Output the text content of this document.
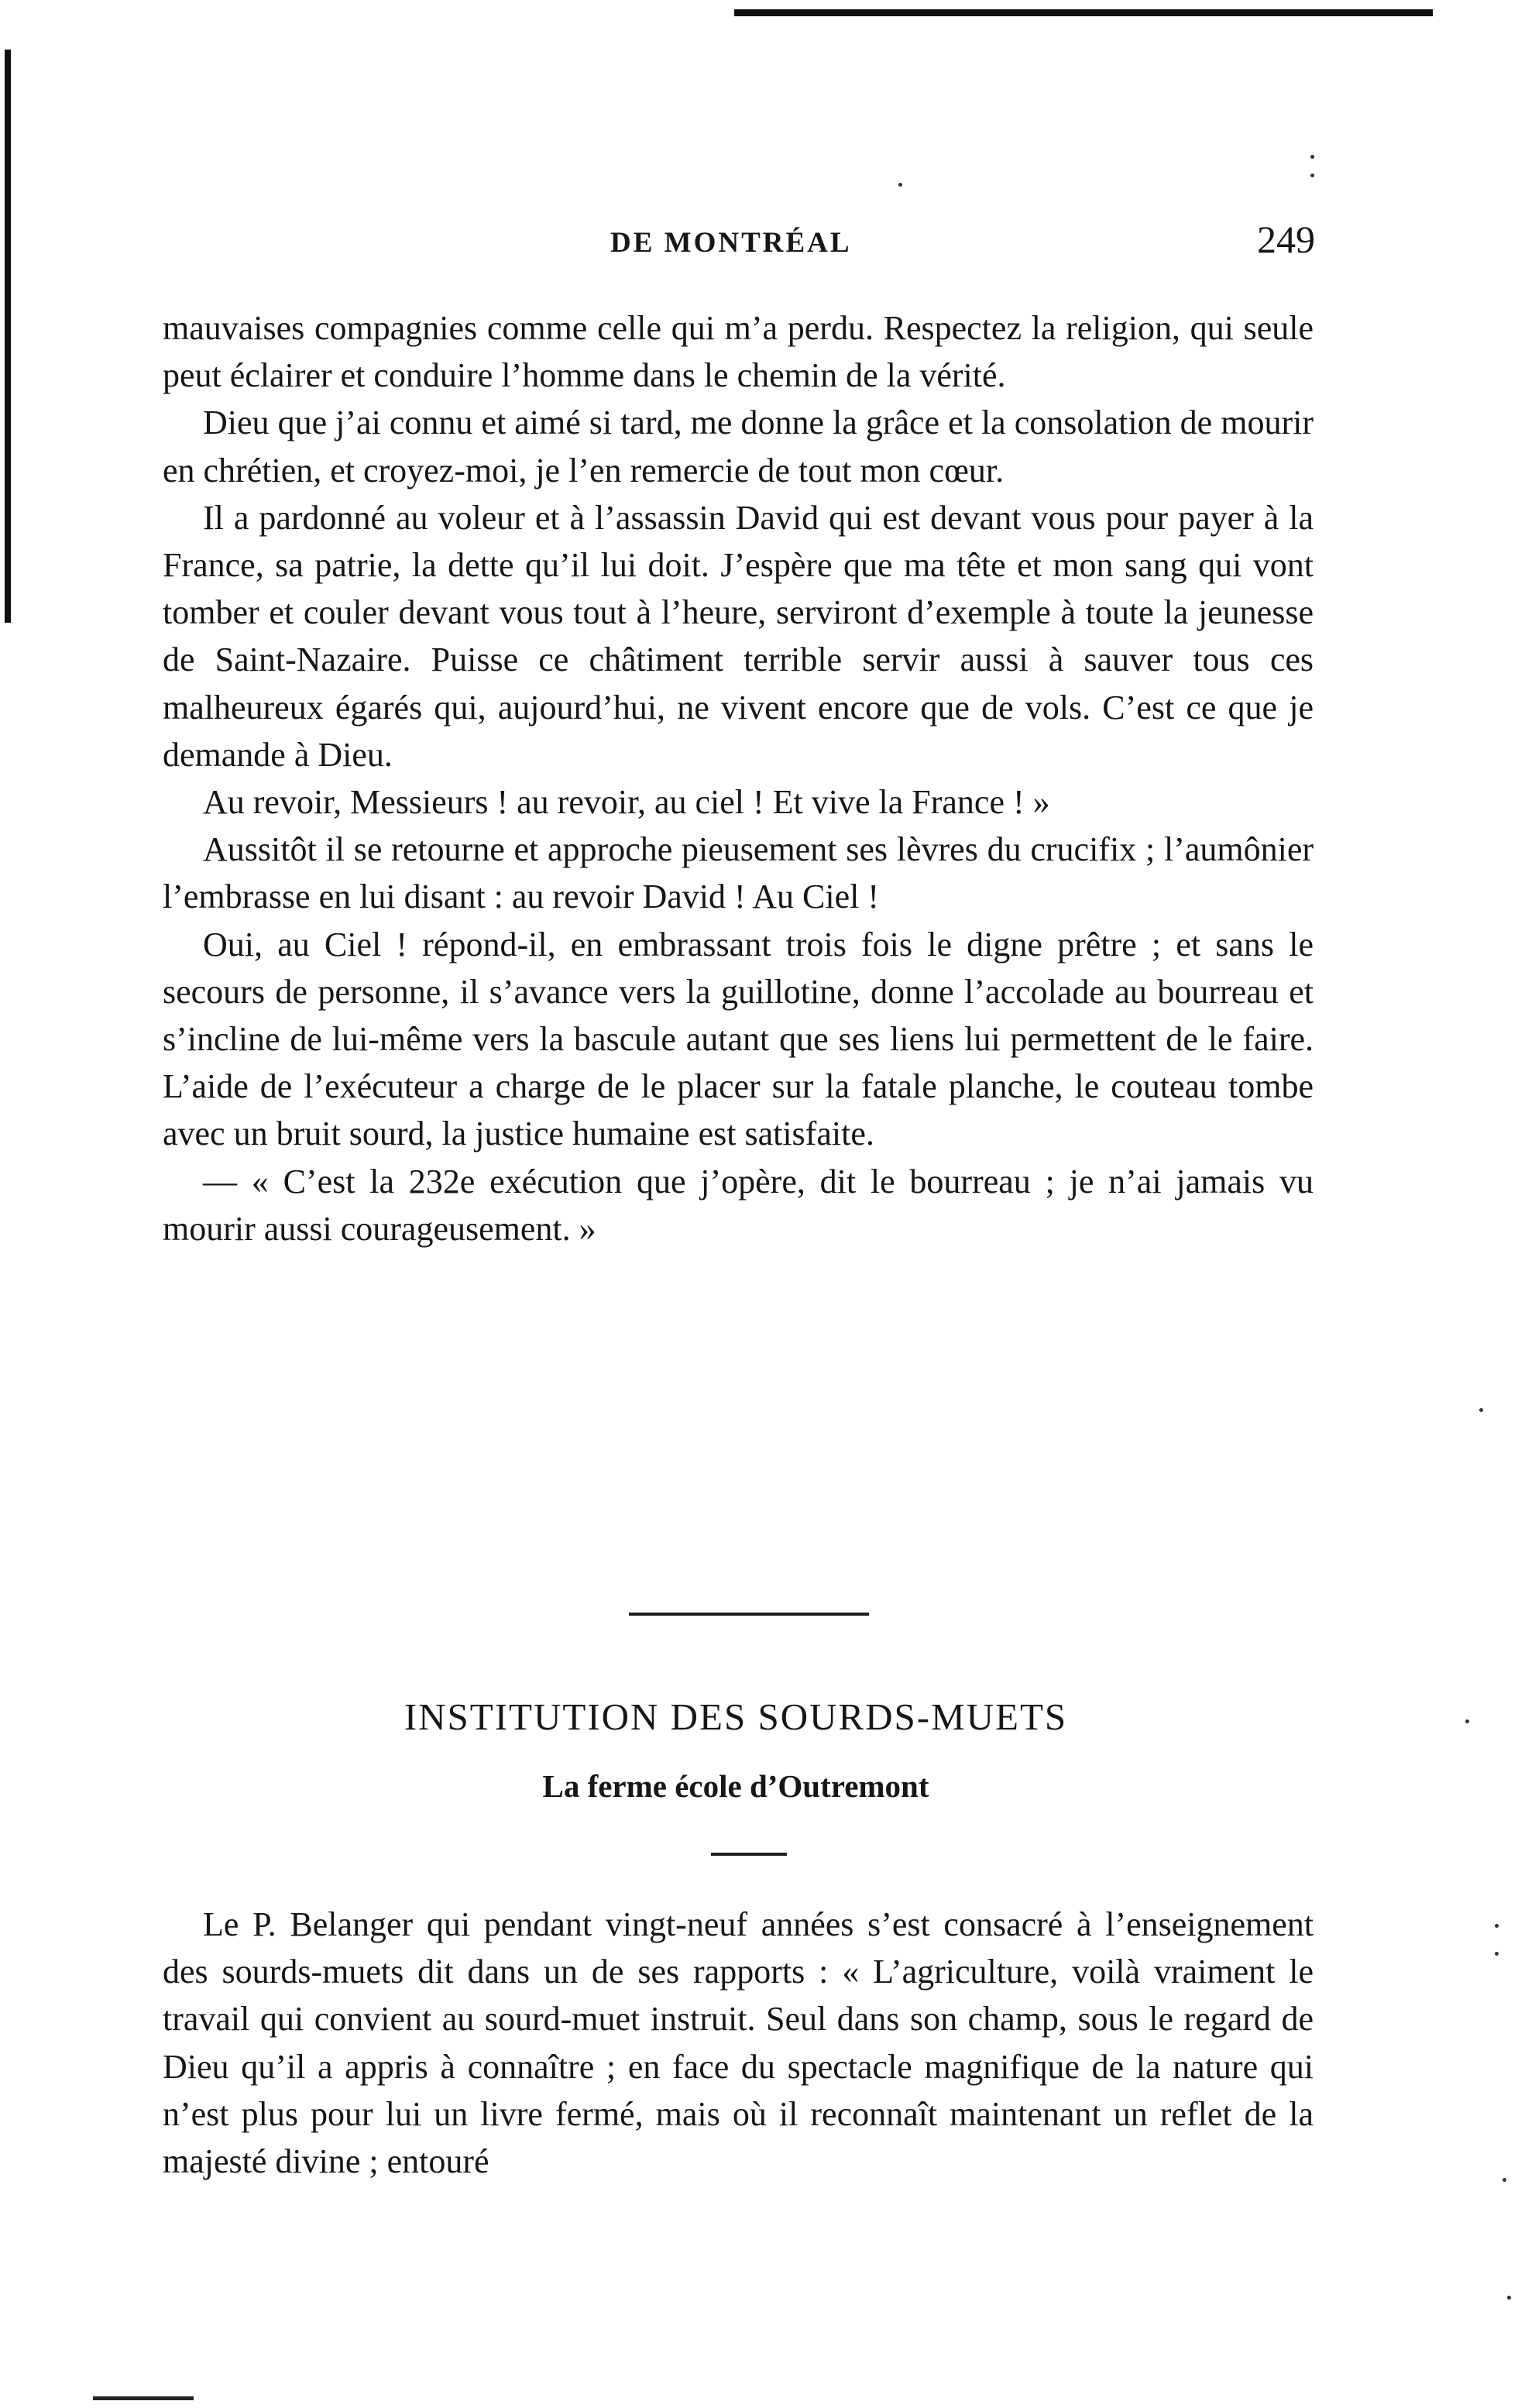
DE MONTRÉAL	249

mauvaises compagnies comme celle qui m’a perdu. Respectez la religion, qui seule peut éclairer et conduire l’homme dans le chemin de la vérité.

Dieu que j’ai connu et aimé si tard, me donne la grâce et la consolation de mourir en chrétien, et croyez-moi, je l’en remercie de tout mon cœur.

Il a pardonné au voleur et à l’assassin David qui est devant vous pour payer à la France, sa patrie, la dette qu’il lui doit. J’espère que ma tête et mon sang qui vont tomber et couler devant vous tout à l’heure, serviront d’exemple à toute la jeunesse de Saint-Nazaire. Puisse ce châtiment terrible servir aussi à sauver tous ces malheureux égarés qui, aujourd’hui, ne vivent encore que de vols. C’est ce que je demande à Dieu.

Au revoir, Messieurs ! au revoir, au ciel ! Et vive la France ! »

Aussitôt il se retourne et approche pieusement ses lèvres du crucifix ; l’aumônier l’embrasse en lui disant : au revoir David ! Au Ciel !

Oui, au Ciel ! répond-il, en embrassant trois fois le digne prêtre ; et sans le secours de personne, il s’avance vers la guillotine, donne l’accolade au bourreau et s’incline de lui-même vers la bascule autant que ses liens lui permettent de le faire. L’aide de l’exécuteur a charge de le placer sur la fatale planche, le couteau tombe avec un bruit sourd, la justice humaine est satisfaite.

— « C’est la 232e exécution que j’opère, dit le bourreau ; je n’ai jamais vu mourir aussi courageusement. »

INSTITUTION DES SOURDS-MUETS
La ferme école d’Outremont

Le P. Belanger qui pendant vingt-neuf années s’est consacré à l’enseignement des sourds-muets dit dans un de ses rapports : « L’agriculture, voilà vraiment le travail qui convient au sourd-muet instruit. Seul dans son champ, sous le regard de Dieu qu’il a appris à connaître ; en face du spectacle magnifique de la nature qui n’est plus pour lui un livre fermé, mais où il reconnaît maintenant un reflet de la majesté divine ; entouré
